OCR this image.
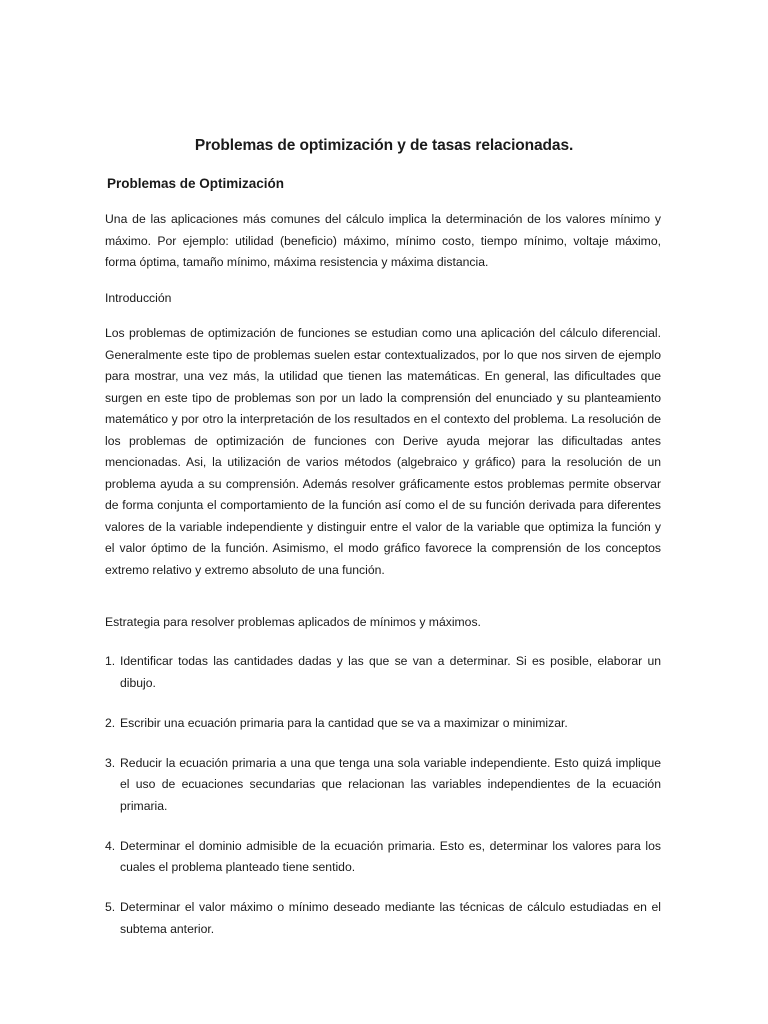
Problemas de optimización y de tasas relacionadas.
Problemas de Optimización
Una de las aplicaciones más comunes del cálculo implica la determinación de los valores mínimo y máximo. Por ejemplo: utilidad (beneficio) máximo, mínimo costo, tiempo mínimo, voltaje máximo, forma óptima, tamaño mínimo, máxima resistencia y máxima distancia.
Introducción
Los problemas de optimización de funciones se estudian como una aplicación del cálculo diferencial. Generalmente este tipo de problemas suelen estar contextualizados, por lo que nos sirven de ejemplo para mostrar, una vez más, la utilidad que tienen las matemáticas. En general, las dificultades que surgen en este tipo de problemas son por un lado la comprensión del enunciado y su planteamiento matemático y por otro la interpretación de los resultados en el contexto del problema. La resolución de los problemas de optimización de funciones con Derive ayuda mejorar las dificultadas antes mencionadas. Asi, la utilización de varios métodos (algebraico y gráfico) para la resolución de un problema ayuda a su comprensión. Además resolver gráficamente estos problemas permite observar de forma conjunta el comportamiento de la función así como el de su función derivada para diferentes valores de la variable independiente y distinguir entre el valor de la variable que optimiza la función y el valor óptimo de la función. Asimismo, el modo gráfico favorece la comprensión de los conceptos extremo relativo y extremo absoluto de una función.
Estrategia para resolver problemas aplicados de mínimos y máximos.
1. Identificar todas las cantidades dadas y las que se van a determinar. Si es posible, elaborar un dibujo.
2. Escribir una ecuación primaria para la cantidad que se va a maximizar o minimizar.
3. Reducir la ecuación primaria a una que tenga una sola variable independiente. Esto quizá implique el uso de ecuaciones secundarias que relacionan las variables independientes de la ecuación primaria.
4. Determinar el dominio admisible de la ecuación primaria. Esto es, determinar los valores para los cuales el problema planteado tiene sentido.
5. Determinar el valor máximo o mínimo deseado mediante las técnicas de cálculo estudiadas en el subtema anterior.
